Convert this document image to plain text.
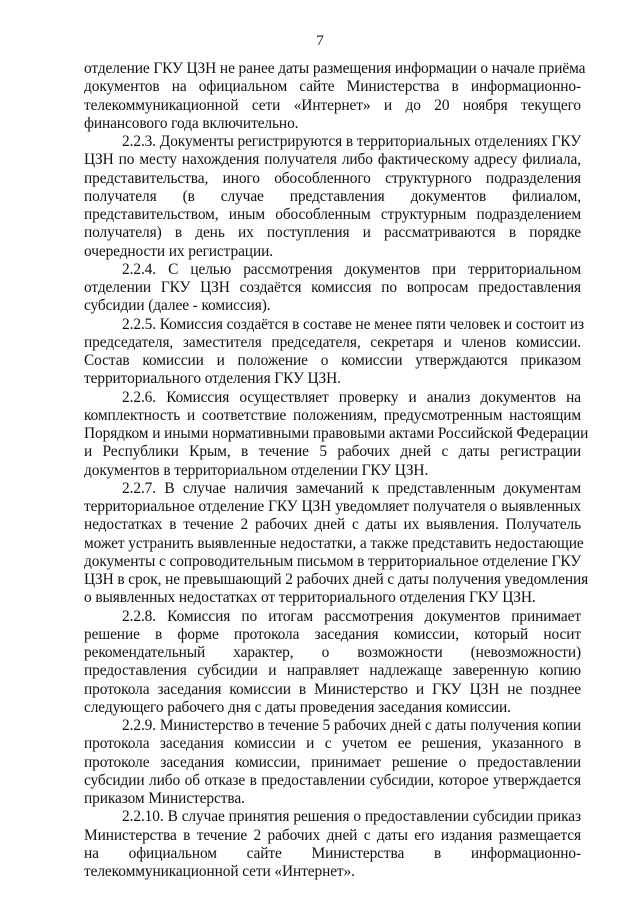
7

отделение ГКУ ЦЗН не ранее даты размещения информации о начале приёма
документов на официальном сайте Министерства в информационно-
телекоммуникационной сети «Интернет» и до 20 ноября текущего
финансового года включительно.

2.2.3. Документы регистрируются в территориальных отделениях ГКУ
ЦЗН по месту нахождения получателя либо фактическому адресу филиала,
представительства, иного обособленного структурного подразделения
получателя (в случае представления документов филиалом,
представительством, иным обособленным структурным подразделением
получателя) в день их поступления и рассматриваются в порядке
очередности их регистрации.

2.2.4. С целью рассмотрения документов при территориальном
отделении ГКУ ЦЗН создаётся комиссия по вопросам предоставления
субсидии (далее - комиссия).

2.2.5. Комиссия создаётся в составе не менее пяти человек и состоит из
председателя, заместителя председателя, секретаря и членов комиссии.
Состав комиссии и положение о комиссии утверждаются приказом
территориального отделения ГКУ ЦЗН.

2.2.6. Комиссия осуществляет проверку и анализ документов на
комплектность и соответствие положениям, предусмотренным настоящим
Порядком и иными нормативными правовыми актами Российской Федерации
и Республики Крым, в течение 5 рабочих дней с даты регистрации
документов в территориальном отделении ГКУ ЦЗН.

2.2.7. В случае наличия замечаний к представленным документам
территориальное отделение ГКУ ЦЗН уведомляет получателя о выявленных
недостатках в течение 2 рабочих дней с даты их выявления. Получатель
может устранить выявленные недостатки, а также представить недостающие
документы с сопроводительным письмом в территориальное отделение ГКУ
ЦЗН в срок, не превышающий 2 рабочих дней с даты получения уведомления
о выявленных недостатках от территориального отделения ГКУ ЦЗН.

2.2.8. Комиссия по итогам рассмотрения документов принимает
решение в форме протокола заседания комиссии, который носит
рекомендательный характер, о возможности (невозможности)
предоставления субсидии и направляет надлежаще заверенную копию
протокола заседания комиссии в Министерство и ГКУ ЦЗН не позднее
следующего рабочего дня с даты проведения заседания комиссии.

2.2.9. Министерство в течение 5 рабочих дней с даты получения копии
протокола заседания комиссии и с учетом ее решения, указанного в
протоколе заседания комиссии, принимает решение о предоставлении
субсидии либо об отказе в предоставлении субсидии, которое утверждается
приказом Министерства.

2.2.10. В случае принятия решения о предоставлении субсидии приказ
Министерства в течение 2 рабочих дней с даты его издания размещается
на официальном сайте Министерства в информационно-
телекоммуникационной сети «Интернет».
